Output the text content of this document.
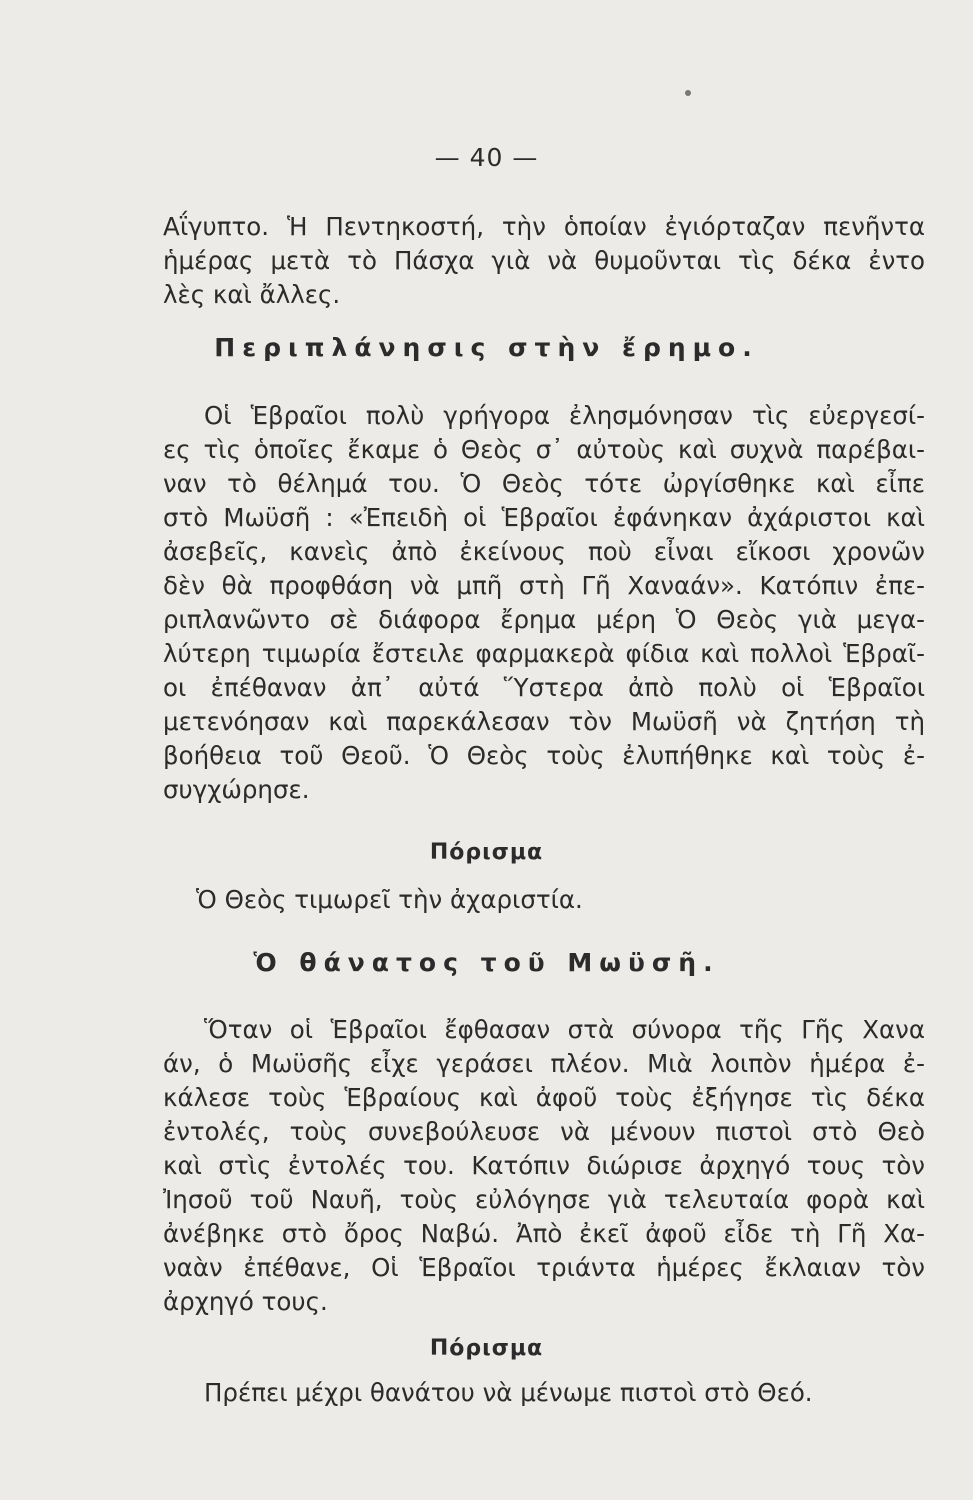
— 40 —
Αΐγυπτο. Ἡ Πεντηκοστή, τὴν ὁποίαν ἐγιόρταζαν πενῆντα
ἡμέρας μετὰ τὸ Πάσχα γιὰ νὰ θυμοῦνται τὶς δέκα ἐντο
λὲς καὶ ἄλλες.
Περιπλάνησις στὴν ἔρημο.
Οἱ Ἑβραῖοι πολὺ γρήγορα ἐλησμόνησαν τὶς εὐεργεσί-
ες τὶς ὁποῖες ἔκαμε ὁ Θεὸς σ᾽ αὐτοὺς καὶ συχνὰ παρέβαι-
ναν τὸ θέλημά του. Ὁ Θεὸς τότε ὠργίσθηκε καὶ εἶπε
στὸ Μωϋσῆ : «Ἐπειδὴ οἱ Ἑβραῖοι ἐφάνηκαν ἀχάριστοι καὶ
ἀσεβεῖς, κανεὶς ἀπὸ ἐκείνους ποὺ εἶναι εἴκοσι χρονῶν
δὲν θὰ προφθάση νὰ μπῆ στὴ Γῆ Χαναάν». Κατόπιν ἐπε-
ριπλανῶντο σὲ διάφορα ἔρημα μέρη Ὁ Θεὸς γιὰ μεγα-
λύτερη τιμωρία ἔστειλε φαρμακερὰ φίδια καὶ πολλοὶ Ἑβραῖ-
οι ἐπέθαναν ἀπ᾽ αὐτά Ὕστερα ἀπὸ πολὺ οἱ Ἑβραῖοι
μετενόησαν καὶ παρεκάλεσαν τὸν Μωϋσῆ νὰ ζητήση τὴ
βοήθεια τοῦ Θεοῦ. Ὁ Θεὸς τοὺς ἐλυπήθηκε καὶ τοὺς ἐ-
συγχώρησε.
Πόρισμα
Ὁ Θεὸς τιμωρεῖ τὴν ἀχαριστία.
Ὁ θάνατος τοῦ Μωϋσῆ.
Ὅταν οἱ Ἑβραῖοι ἔφθασαν στὰ σύνορα τῆς Γῆς Χανα
άν, ὁ Μωϋσῆς εἶχε γεράσει πλέον. Μιὰ λοιπὸν ἡμέρα ἐ-
κάλεσε τοὺς Ἑβραίους καὶ ἀφοῦ τοὺς ἐξήγησε τὶς δέκα
ἐντολές, τοὺς συνεβούλευσε νὰ μένουν πιστοὶ στὸ Θεὸ
καὶ στὶς ἐντολές του. Κατόπιν διώρισε ἀρχηγό τους τὸν
Ἰησοῦ τοῦ Ναυῆ, τοὺς εὐλόγησε γιὰ τελευταία φορὰ καὶ
ἀνέβηκε στὸ ὄρος Ναβώ. Ἀπὸ ἐκεῖ ἀφοῦ εἶδε τὴ Γῆ Χα-
ναὰν ἐπέθανε, Οἱ Ἑβραῖοι τριάντα ἡμέρες ἔκλαιαν τὸν
ἀρχηγό τους.
Πόρισμα
Πρέπει μέχρι θανάτου νὰ μένωμε πιστοὶ στὸ Θεό.
